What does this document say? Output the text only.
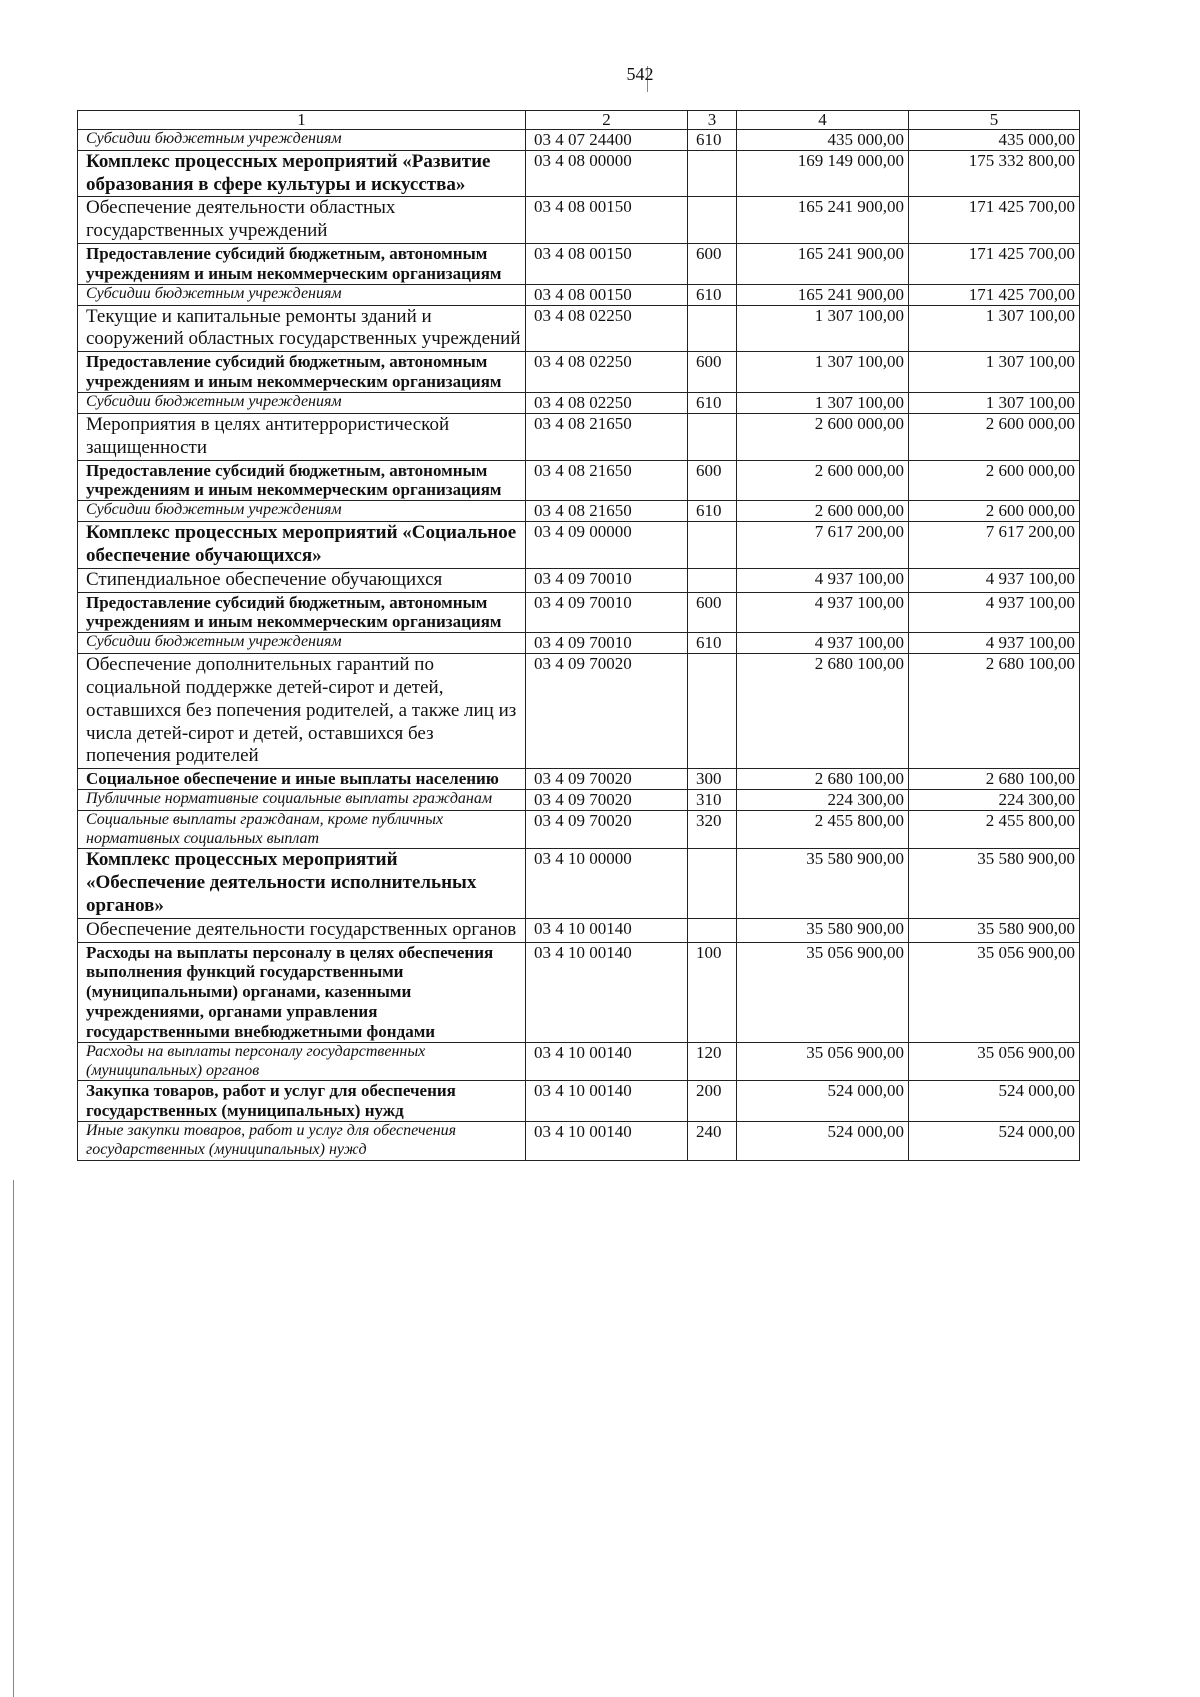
542
1	2	3	4	5
Субсидии бюджетным учреждениям	03 4 07 24400	610	435 000,00	435 000,00
Комплекс процессных мероприятий «Развитие образования в сфере культуры и искусства»	03 4 08 00000		169 149 000,00	175 332 800,00
Обеспечение деятельности областных государственных учреждений	03 4 08 00150		165 241 900,00	171 425 700,00
Предоставление субсидий бюджетным, автономным учреждениям и иным некоммерческим организациям	03 4 08 00150	600	165 241 900,00	171 425 700,00
Субсидии бюджетным учреждениям	03 4 08 00150	610	165 241 900,00	171 425 700,00
Текущие и капитальные ремонты зданий и сооружений областных государственных учреждений	03 4 08 02250		1 307 100,00	1 307 100,00
Предоставление субсидий бюджетным, автономным учреждениям и иным некоммерческим организациям	03 4 08 02250	600	1 307 100,00	1 307 100,00
Субсидии бюджетным учреждениям	03 4 08 02250	610	1 307 100,00	1 307 100,00
Мероприятия в целях антитеррористической защищенности	03 4 08 21650		2 600 000,00	2 600 000,00
Предоставление субсидий бюджетным, автономным учреждениям и иным некоммерческим организациям	03 4 08 21650	600	2 600 000,00	2 600 000,00
Субсидии бюджетным учреждениям	03 4 08 21650	610	2 600 000,00	2 600 000,00
Комплекс процессных мероприятий «Социальное обеспечение обучающихся»	03 4 09 00000		7 617 200,00	7 617 200,00
Стипендиальное обеспечение обучающихся	03 4 09 70010		4 937 100,00	4 937 100,00
Предоставление субсидий бюджетным, автономным учреждениям и иным некоммерческим организациям	03 4 09 70010	600	4 937 100,00	4 937 100,00
Субсидии бюджетным учреждениям	03 4 09 70010	610	4 937 100,00	4 937 100,00
Обеспечение дополнительных гарантий по социальной поддержке детей-сирот и детей, оставшихся без попечения родителей, а также лиц из числа детей-сирот и детей, оставшихся без попечения родителей	03 4 09 70020		2 680 100,00	2 680 100,00
Социальное обеспечение и иные выплаты населению	03 4 09 70020	300	2 680 100,00	2 680 100,00
Публичные нормативные социальные выплаты гражданам	03 4 09 70020	310	224 300,00	224 300,00
Социальные выплаты гражданам, кроме публичных нормативных социальных выплат	03 4 09 70020	320	2 455 800,00	2 455 800,00
Комплекс процессных мероприятий «Обеспечение деятельности исполнительных органов»	03 4 10 00000		35 580 900,00	35 580 900,00
Обеспечение деятельности государственных органов	03 4 10 00140		35 580 900,00	35 580 900,00
Расходы на выплаты персоналу в целях обеспечения выполнения функций государственными (муниципальными) органами, казенными учреждениями, органами управления государственными внебюджетными фондами	03 4 10 00140	100	35 056 900,00	35 056 900,00
Расходы на выплаты персоналу государственных (муниципальных) органов	03 4 10 00140	120	35 056 900,00	35 056 900,00
Закупка товаров, работ и услуг для обеспечения государственных (муниципальных) нужд	03 4 10 00140	200	524 000,00	524 000,00
Иные закупки товаров, работ и услуг для обеспечения государственных (муниципальных) нужд	03 4 10 00140	240	524 000,00	524 000,00
